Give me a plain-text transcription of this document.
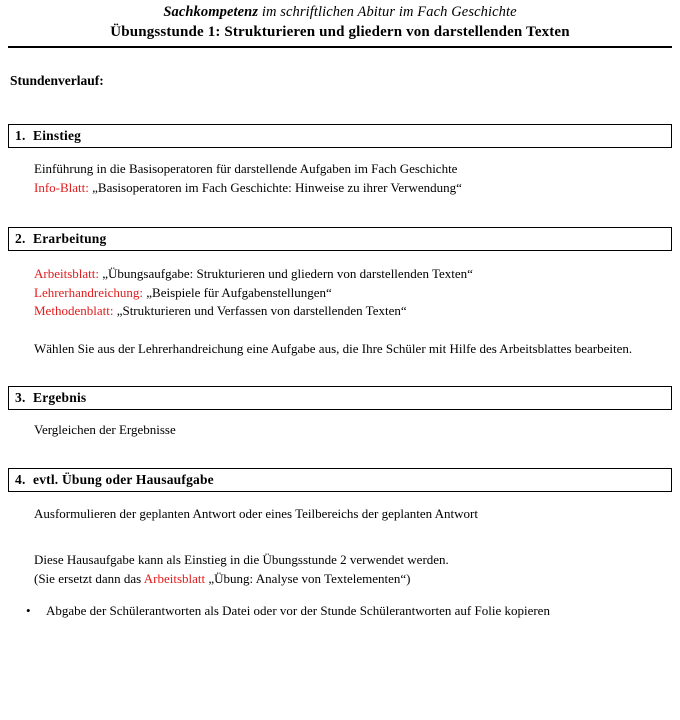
Sachkompetenz im schriftlichen Abitur im Fach Geschichte
Übungsstunde 1: Strukturieren und gliedern von darstellenden Texten
Stundenverlauf:
1. Einstieg
Einführung in die Basisoperatoren für darstellende Aufgaben im Fach Geschichte
Info-Blatt: „Basisoperatoren im Fach Geschichte: Hinweise zu ihrer Verwendung“
2. Erarbeitung
Arbeitsblatt: „Übungsaufgabe: Strukturieren und gliedern von darstellenden Texten“
Lehrerhandreichung: „Beispiele für Aufgabenstellungen“
Methodenblatt: „Strukturieren und Verfassen von darstellenden Texten“
Wählen Sie aus der Lehrerhandreichung eine Aufgabe aus, die Ihre Schüler mit Hilfe des Arbeitsblattes bearbeiten.
3. Ergebnis
Vergleichen der Ergebnisse
4. evtl. Übung oder Hausaufgabe
Ausformulieren der geplanten Antwort oder eines Teilbereichs der geplanten Antwort
Diese Hausaufgabe kann als Einstieg in die Übungsstunde 2 verwendet werden.
(Sie ersetzt dann das Arbeitsblatt „Übung: Analyse von Textelementen“)
•	Abgabe der Schülerantworten als Datei oder vor der Stunde Schülerantworten auf Folie kopieren
